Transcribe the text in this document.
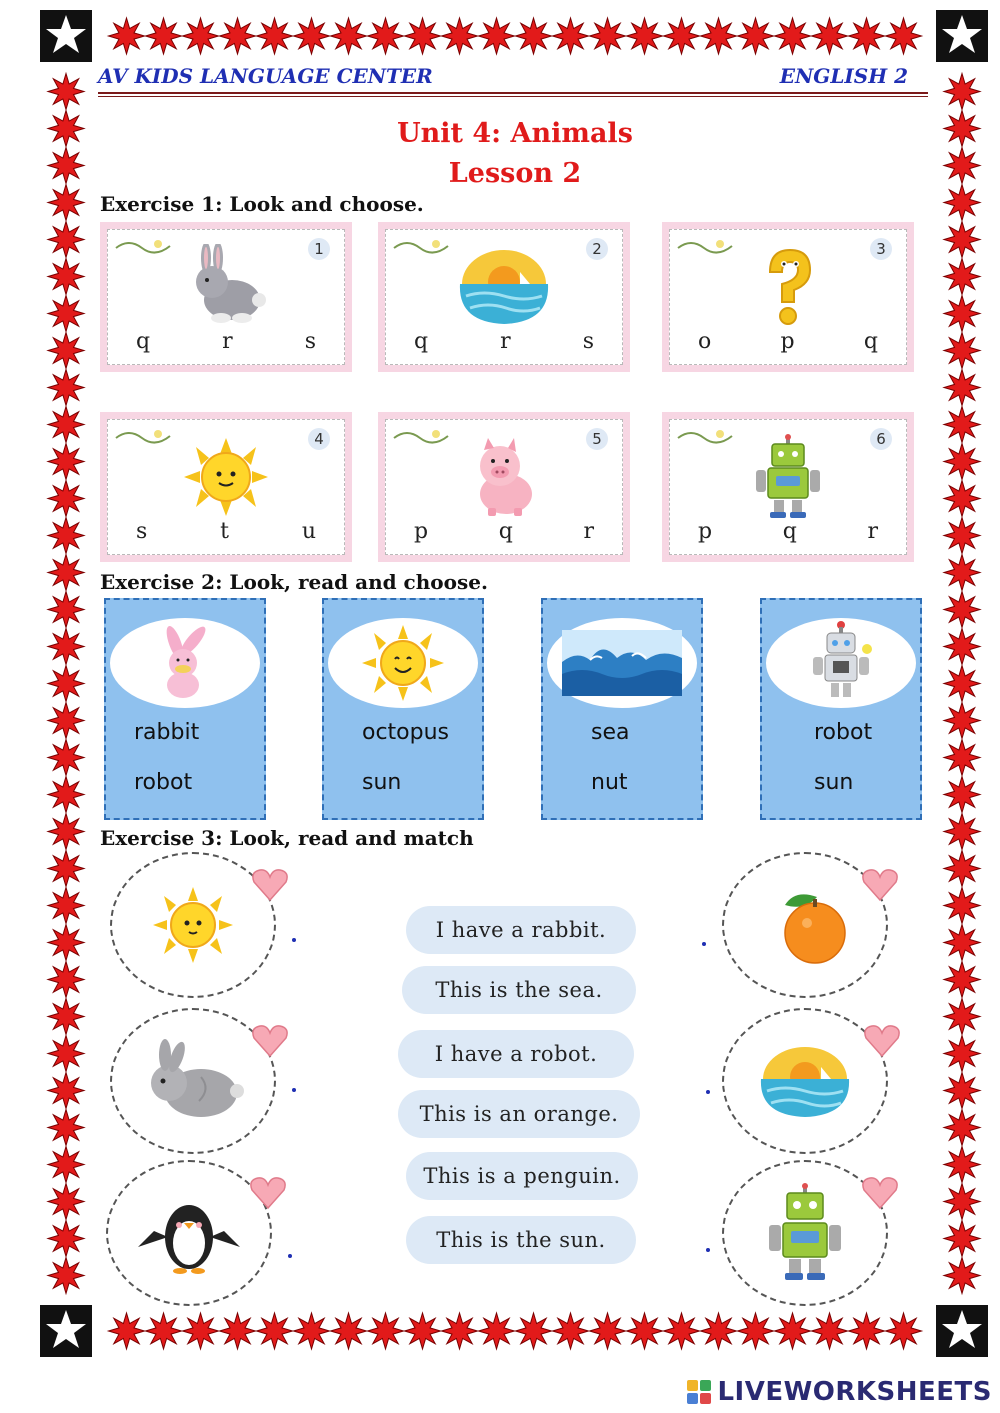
AV KIDS LANGUAGE CENTER	ENGLISH 2
Unit 4: Animals
Lesson 2
Exercise 1: Look and choose.
1
q	r	s
2
q	r	s
3
o	p	q
4
s	t	u
5
p	q	r
6
p	q	r
Exercise 2: Look, read and choose.
rabbit
robot
octopus
sun
sea
nut
robot
sun
Exercise 3: Look, read and match
I have a rabbit.
This is the sea.
I have a robot.
This is an orange.
This is a penguin.
This is the sun.
LIVEWORKSHEETS
